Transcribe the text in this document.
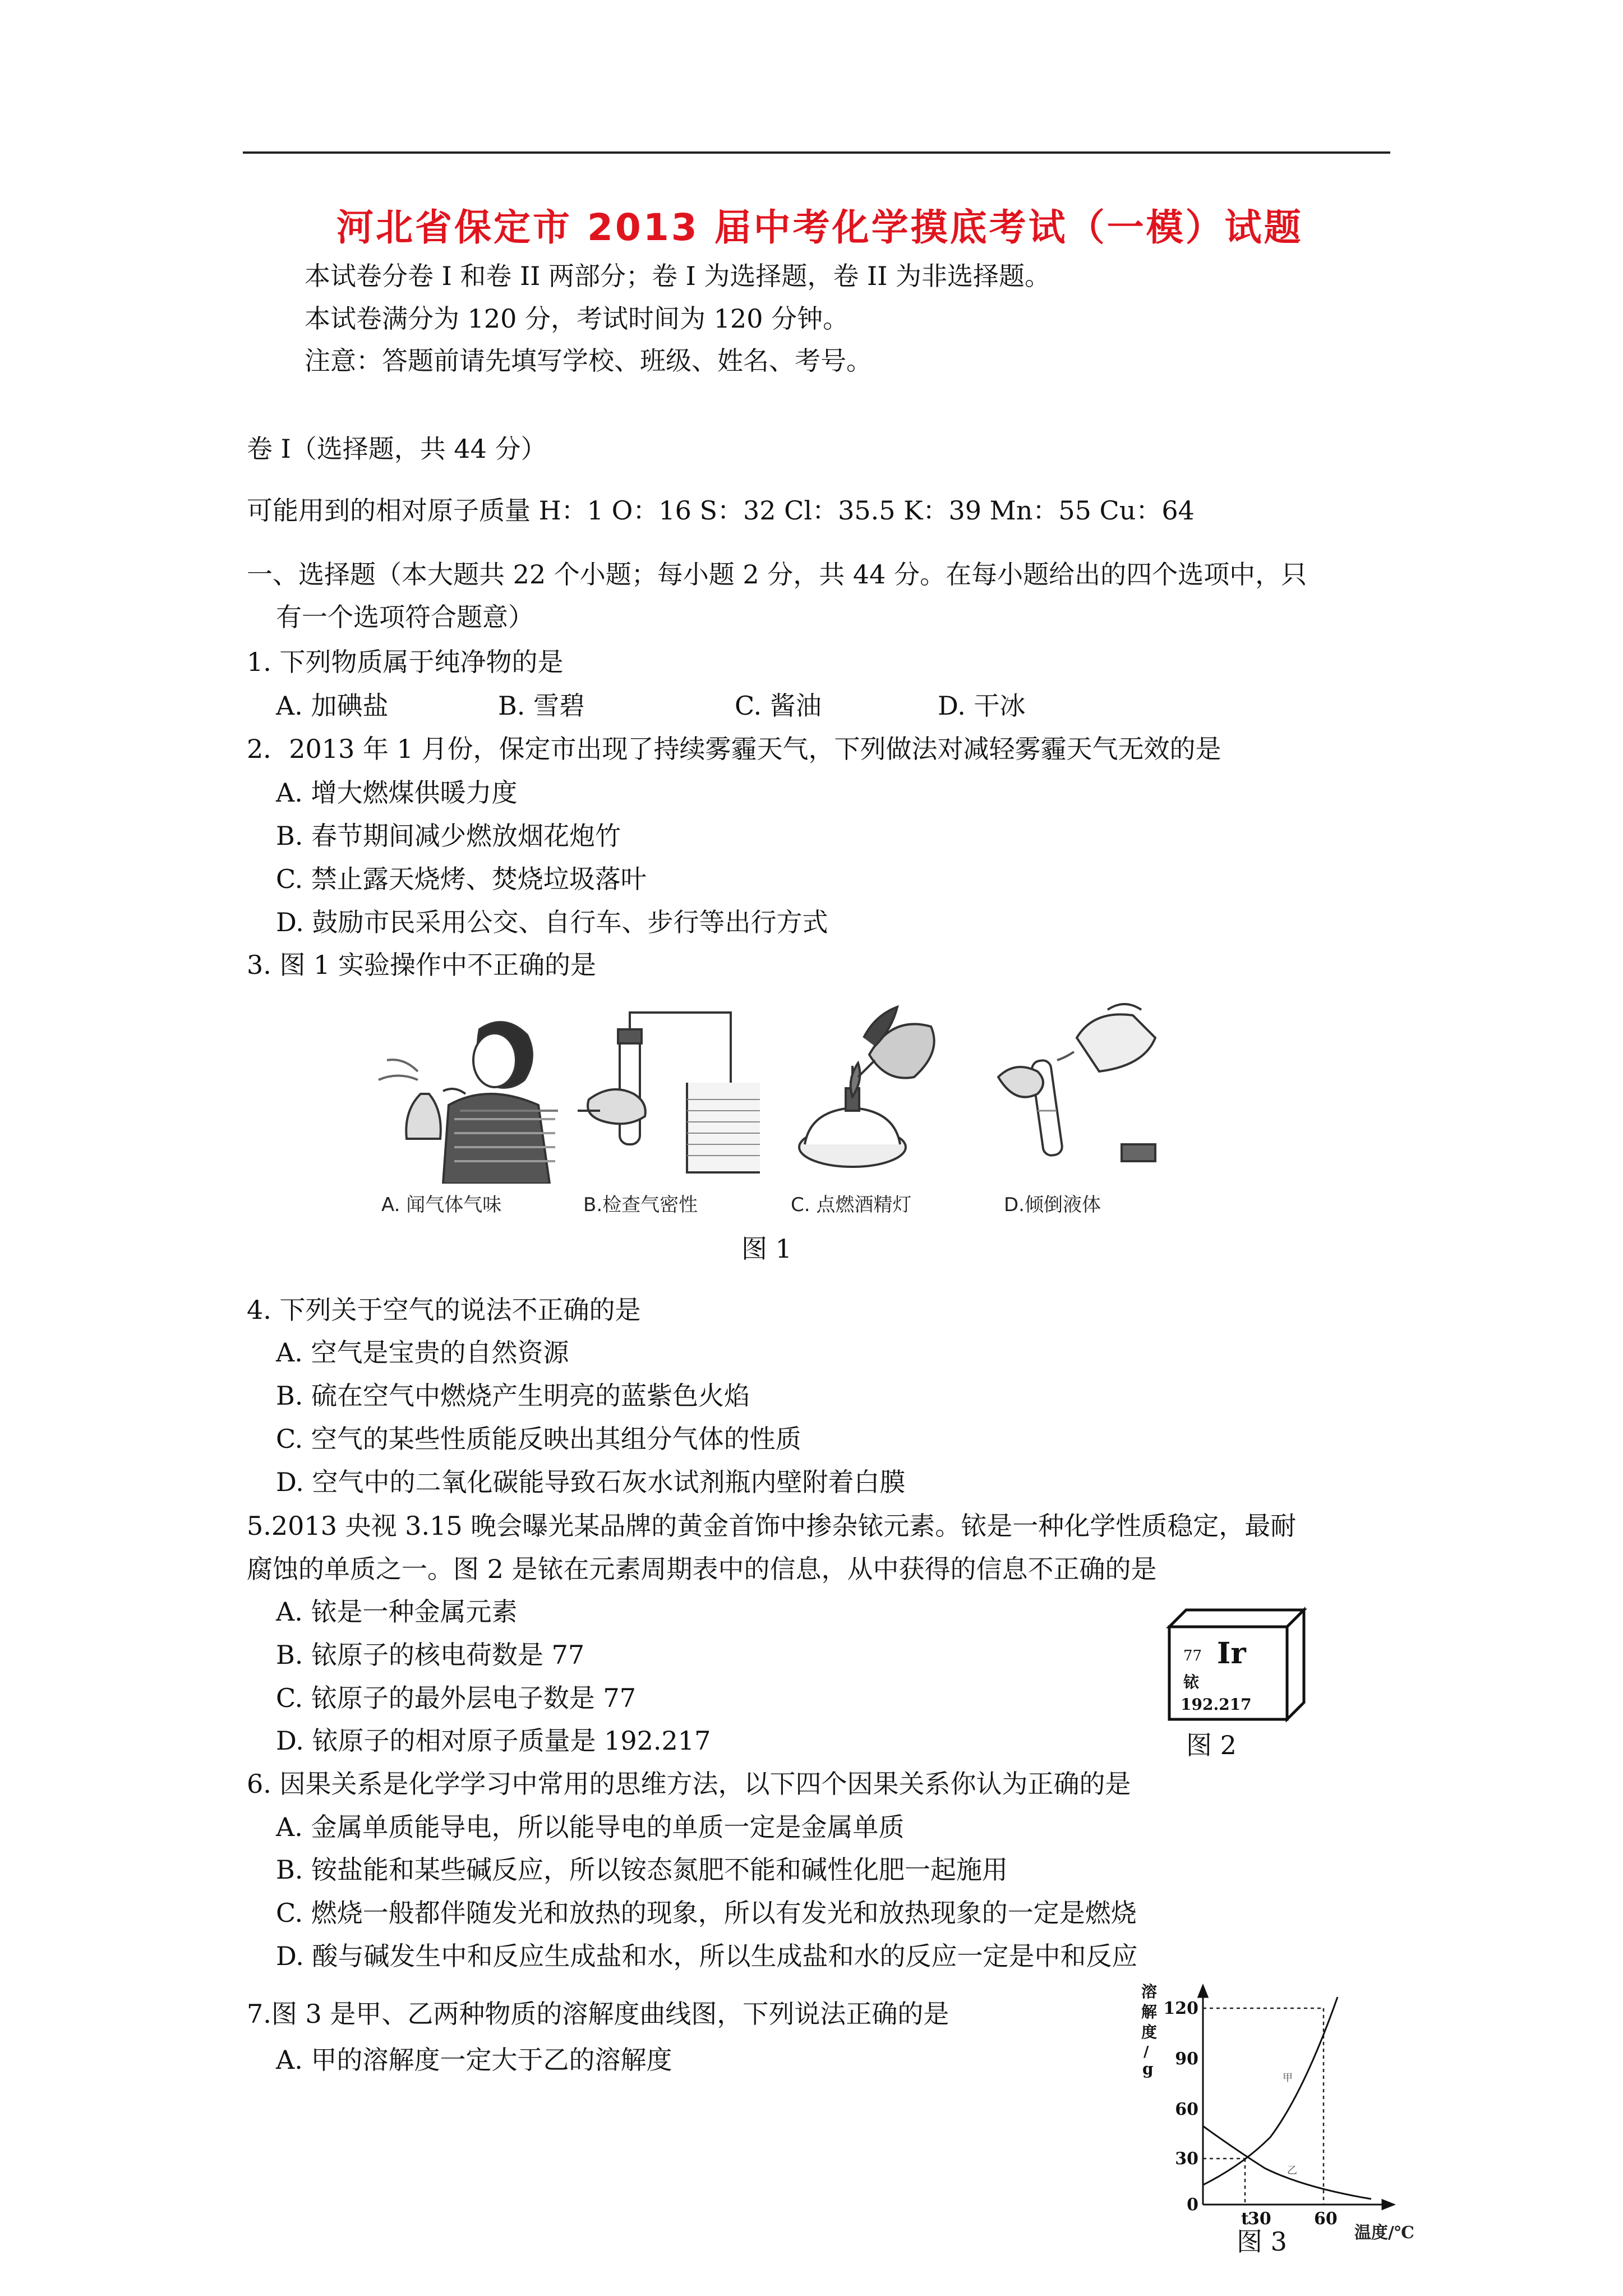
河北省保定市 2013 届中考化学摸底考试（一模）试题
本试卷分卷 I 和卷 II 两部分；卷 I 为选择题，卷 II 为非选择题。
本试卷满分为 120 分，考试时间为 120 分钟。
注意：答题前请先填写学校、班级、姓名、考号。
卷 I（选择题，共 44 分）
可能用到的相对原子质量 H：1 O：16 S：32 Cl：35.5 K：39 Mn：55 Cu：64
一、选择题（本大题共 22 个小题；每小题 2 分，共 44 分。在每小题给出的四个选项中，只
有一个选项符合题意）
1. 下列物质属于纯净物的是
A. 加碘盐	B. 雪碧	C. 酱油	D. 干冰
2．2013 年 1 月份，保定市出现了持续雾霾天气，下列做法对减轻雾霾天气无效的是
A. 增大燃煤供暖力度
B. 春节期间减少燃放烟花炮竹
C. 禁止露天烧烤、焚烧垃圾落叶
D. 鼓励市民采用公交、自行车、步行等出行方式
3. 图 1 实验操作中不正确的是
A. 闻气体气味	B.检查气密性	C. 点燃酒精灯	D.倾倒液体
图 1
4. 下列关于空气的说法不正确的是
A. 空气是宝贵的自然资源
B. 硫在空气中燃烧产生明亮的蓝紫色火焰
C. 空气的某些性质能反映出其组分气体的性质
D. 空气中的二氧化碳能导致石灰水试剂瓶内壁附着白膜
5.2013 央视 3.15 晚会曝光某品牌的黄金首饰中掺杂铱元素。铱是一种化学性质稳定，最耐
腐蚀的单质之一。图 2 是铱在元素周期表中的信息，从中获得的信息不正确的是
A. 铱是一种金属元素
B. 铱原子的核电荷数是 77
C. 铱原子的最外层电子数是 77
D. 铱原子的相对原子质量是 192.217
77 Ir
铱
192.217
图 2
6. 因果关系是化学学习中常用的思维方法，以下四个因果关系你认为正确的是
A. 金属单质能导电，所以能导电的单质一定是金属单质
B. 铵盐能和某些碱反应，所以铵态氮肥不能和碱性化肥一起施用
C. 燃烧一般都伴随发光和放热的现象，所以有发光和放热现象的一定是燃烧
D. 酸与碱发生中和反应生成盐和水，所以生成盐和水的反应一定是中和反应
7.图 3 是甲、乙两种物质的溶解度曲线图，下列说法正确的是
A. 甲的溶解度一定大于乙的溶解度
溶
解
度
/
g
120
90
60
30
0
t
30	60
甲
乙
温度/℃
图 3
